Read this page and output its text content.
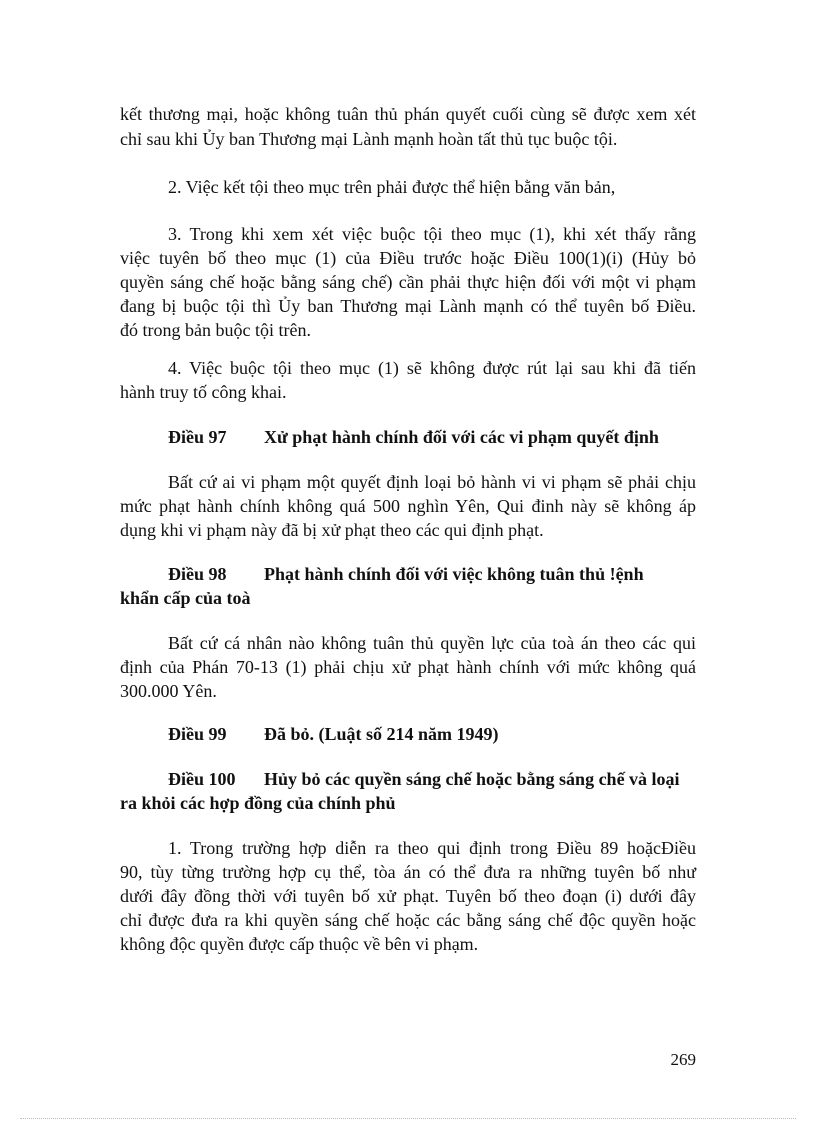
kết thương mại, hoặc không tuân thủ phán quyết cuối cùng sẽ được xem xét

chỉ sau khi Ủy ban Thương mại Lành mạnh hoàn tất thủ tục buộc tội.

2. Việc kết tội theo mục trên phải được thể hiện bằng văn bản,

3. Trong khi xem xét việc buộc tội theo mục (1), khi xét thấy rằng

việc tuyên bố theo mục (1) của Điều trước hoặc Điều 100(1)(i) (Hủy bỏ

quyền sáng chế hoặc bằng sáng chế) cần phải thực hiện đối với một vi phạm

đang bị buộc tội thì Ủy ban Thương mại Lành mạnh có thể tuyên bố Điều.

đó trong bản buộc tội trên.

4. Việc buộc tội theo mục (1) sẽ không được rút lại sau khi đã tiến

hành truy tố công khai.

Điều 97 Xử phạt hành chính đối với các vi phạm quyết định

Bất cứ ai vi phạm một quyết định loại bỏ hành vi vi phạm sẽ phải chịu

mức phạt hành chính không quá 500 nghìn Yên, Qui đinh này sẽ không áp

dụng khi vi phạm này đã bị xử phạt theo các qui định phạt.

Điều 98 Phạt hành chính đối với việc không tuân thủ !ệnh

khẩn cấp của toà

Bất cứ cá nhân nào không tuân thủ quyền lực của toà án theo các qui

định của Phán 70-13 (1) phải chịu xử phạt hành chính với mức không quá

300.000 Yên.

Điều 99 Đã bỏ. (Luật số 214 năm 1949)

Điều 100 Hủy bỏ các quyền sáng chế hoặc bằng sáng chế và loại

ra khỏi các hợp đồng của chính phủ

1. Trong trường hợp diễn ra theo qui định trong Điều 89 hoặcĐiều

90, tùy từng trường hợp cụ thể, tòa án có thể đưa ra những tuyên bố như

dưới đây đồng thời với tuyên bố xử phạt. Tuyên bố theo đoạn (i) dưới đây

chỉ được đưa ra khi quyền sáng chế hoặc các bằng sáng chế độc quyền hoặc

không độc quyền được cấp thuộc về bên vi phạm.

269
